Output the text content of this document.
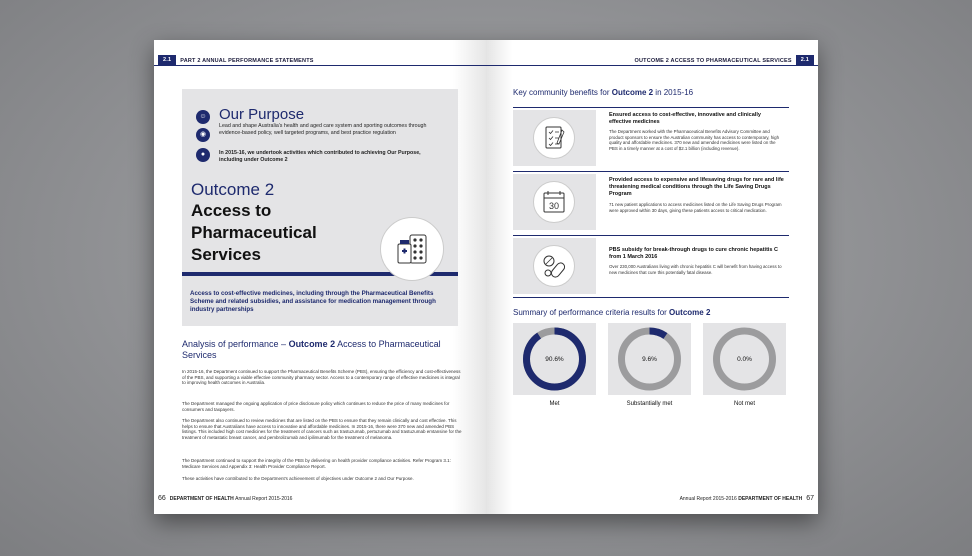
2.1	PART 2 ANNUAL PERFORMANCE STATEMENTS
☺
◉
●
Our Purpose
Lead and shape Australia's health and aged care system and sporting outcomes through evidence-based policy, well targeted programs, and best practice regulation
In 2015-16, we undertook activities which contributed to achieving Our Purpose, including under Outcome 2
Outcome 2
Access to Pharmaceutical Services
Access to cost-effective medicines, including through the Pharmaceutical Benefits Scheme and related subsidies, and assistance for medication management through industry partnerships
Analysis of performance – Outcome 2 Access to Pharmaceutical Services
In 2015-16, the Department continued to support the Pharmaceutical Benefits Scheme (PBS), ensuring the efficiency and cost-effectiveness of the PBS, and supporting a viable effective community pharmacy sector. Access to a contemporary range of effective medicines is integral to improving health outcomes in Australia.
The Department managed the ongoing application of price disclosure policy which continues to reduce the price of many medicines for consumers and taxpayers.
The Department also continued to review medicines that are listed on the PBS to ensure that they remain clinically and cost effective. This helps to ensure that Australians have access to innovative and affordable medicines. In 2015-16, there were 370 new and amended PBS listings. This included high cost medicines for the treatment of cancers such as trastuzumab, pertuzumab and trastuzumab emtansine for the treatment of metastatic breast cancer, and pembrolizumab and ipilimumab for the treatment of melanoma.
The Department continued to support the integrity of the PBS by delivering on health provider compliance activities. Refer Program 3.1: Medicare Services and Appendix 3: Health Provider Compliance Report.
These activities have contributed to the Department's achievement of objectives under Outcome 2 and Our Purpose.
66 DEPARTMENT OF HEALTH
Annual Report 2015-2016
OUTCOME 2 ACCESS TO PHARMACEUTICAL SERVICES	2.1
Key community benefits for Outcome 2 in 2015-16
Ensured access to cost-effective, innovative and clinically effective medicines
The Department worked with the Pharmaceutical Benefits Advisory Committee and product sponsors to ensure the Australian community has access to contemporary, high quality and affordable medicines. 370 new and amended medicines were listed on the PBS in a timely manner at a cost of $2.1 billion (including revenue).
30
Provided access to expensive and lifesaving drugs for rare and life threatening medical conditions through the Life Saving Drugs Program
71 new patient applications to access medicines listed on the Life Saving Drugs Program were approved within 30 days, giving these patients access to critical medication.
PBS subsidy for break-through drugs to cure chronic hepatitis C from 1 March 2016
Over 230,000 Australians living with chronic hepatitis C will benefit from having access to new medicines that cure this potentially fatal disease.
Summary of performance criteria results for Outcome 2
90.6%
Met
9.6%
Substantially met
0.0%
Not met
Annual Report 2015-2016
DEPARTMENT OF HEALTH 67
